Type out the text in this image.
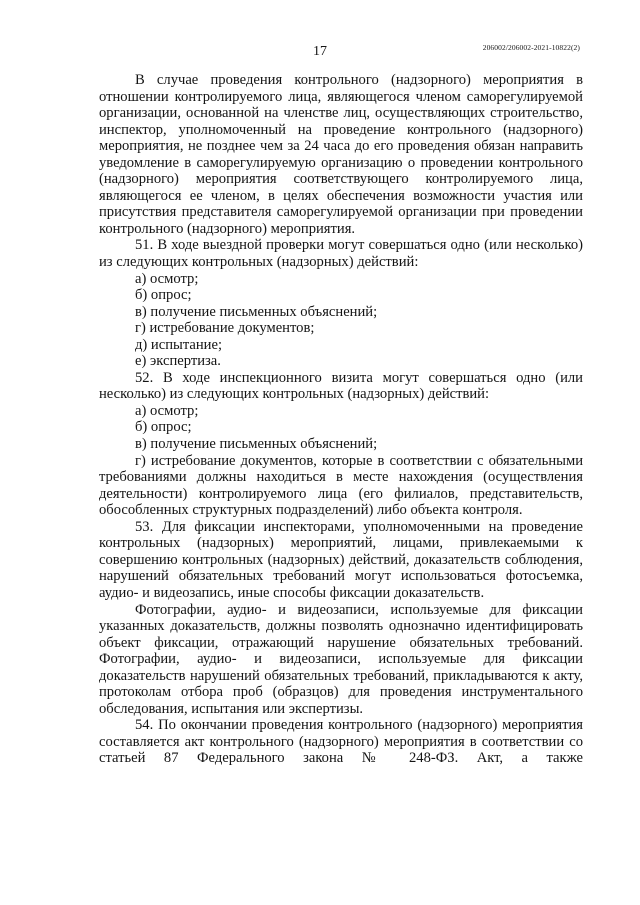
17	206002/206002-2021-10822(2)

В случае проведения контрольного (надзорного) мероприятия в отношении контролируемого лица, являющегося членом саморегулируемой организации, основанной на членстве лиц, осуществляющих строительство, инспектор, уполномоченный на проведение контрольного (надзорного) мероприятия, не позднее чем за 24 часа до его проведения обязан направить уведомление в саморегулируемую организацию о проведении контрольного (надзорного) мероприятия соответствующего контролируемого лица, являющегося ее членом, в целях обеспечения возможности участия или присутствия представителя саморегулируемой организации при проведении контрольного (надзорного) мероприятия.

51. В ходе выездной проверки могут совершаться одно (или несколько) из следующих контрольных (надзорных) действий:

а) осмотр;

б) опрос;

в) получение письменных объяснений;

г) истребование документов;

д) испытание;

е) экспертиза.

52. В ходе инспекционного визита могут совершаться одно (или несколько) из следующих контрольных (надзорных) действий:

а) осмотр;

б) опрос;

в) получение письменных объяснений;

г) истребование документов, которые в соответствии с обязательными требованиями должны находиться в месте нахождения (осуществления деятельности) контролируемого лица (его филиалов, представительств, обособленных структурных подразделений) либо объекта контроля.

53. Для фиксации инспекторами, уполномоченными на проведение контрольных (надзорных) мероприятий, лицами, привлекаемыми к совершению контрольных (надзорных) действий, доказательств соблюдения, нарушений обязательных требований могут использоваться фотосъемка, аудио- и видеозапись, иные способы фиксации доказательств.

Фотографии, аудио- и видеозаписи, используемые для фиксации указанных доказательств, должны позволять однозначно идентифицировать объект фиксации, отражающий нарушение обязательных требований. Фотографии, аудио- и видеозаписи, используемые для фиксации доказательств нарушений обязательных требований, прикладываются к акту, протоколам отбора проб (образцов) для проведения инструментального обследования, испытания или экспертизы.

54. По окончании проведения контрольного (надзорного) мероприятия составляется акт контрольного (надзорного) мероприятия в соответствии со статьей 87 Федерального закона № 248-ФЗ. Акт, а также
